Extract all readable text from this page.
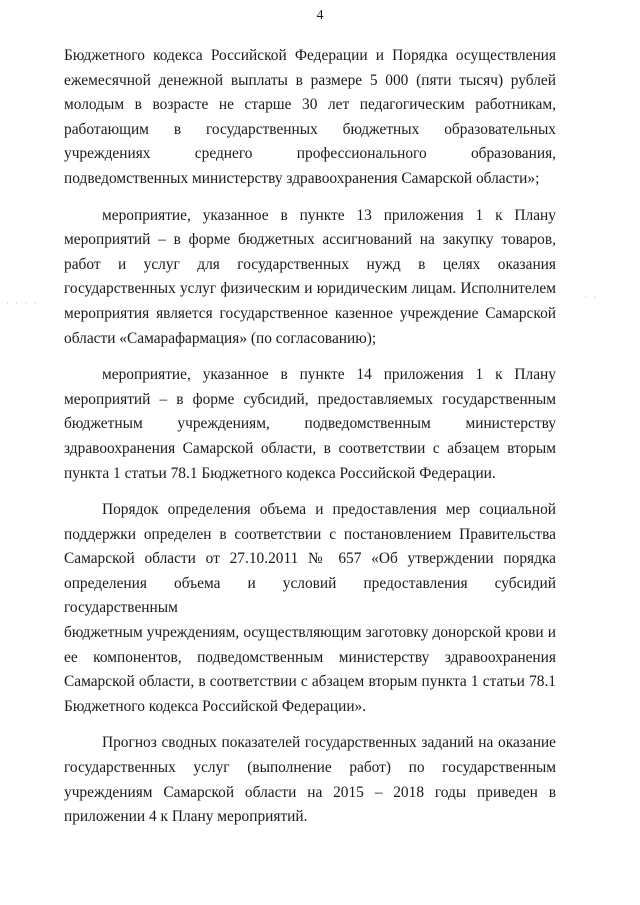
4
· · · ·
· ·
Бюджетного кодекса Российской Федерации и Порядка осуществления
ежемесячной денежной выплаты в размере 5 000 (пяти тысяч) рублей
молодым в возрасте не старше 30 лет педагогическим работникам,
работающим в государственных бюджетных образовательных
учреждениях среднего профессионального образования,
подведомственных министерству здравоохранения Самарской области»;
мероприятие, указанное в пункте 13 приложения 1 к Плану
мероприятий – в форме бюджетных ассигнований на закупку товаров,
работ и услуг для государственных нужд в целях оказания
государственных услуг физическим и юридическим лицам. Исполнителем
мероприятия является государственное казенное учреждение Самарской
области «Самарафармация» (по согласованию);
мероприятие, указанное в пункте 14 приложения 1 к Плану
мероприятий – в форме субсидий, предоставляемых государственным
бюджетным учреждениям, подведомственным министерству
здравоохранения Самарской области, в соответствии с абзацем вторым
пункта 1 статьи 78.1 Бюджетного кодекса Российской Федерации.
Порядок определения объема и предоставления мер социальной
поддержки определен в соответствии с постановлением Правительства
Самарской области от 27.10.2011 № 657 «Об утверждении порядка
определения объема и условий предоставления субсидий государственным
бюджетным учреждениям, осуществляющим заготовку донорской крови и
ее компонентов, подведомственным министерству здравоохранения
Самарской области, в соответствии с абзацем вторым пункта 1 статьи 78.1
Бюджетного кодекса Российской Федерации».
Прогноз сводных показателей государственных заданий на оказание
государственных услуг (выполнение работ) по государственным
учреждениям Самарской области на 2015 – 2018 годы приведен в
приложении 4 к Плану мероприятий.
